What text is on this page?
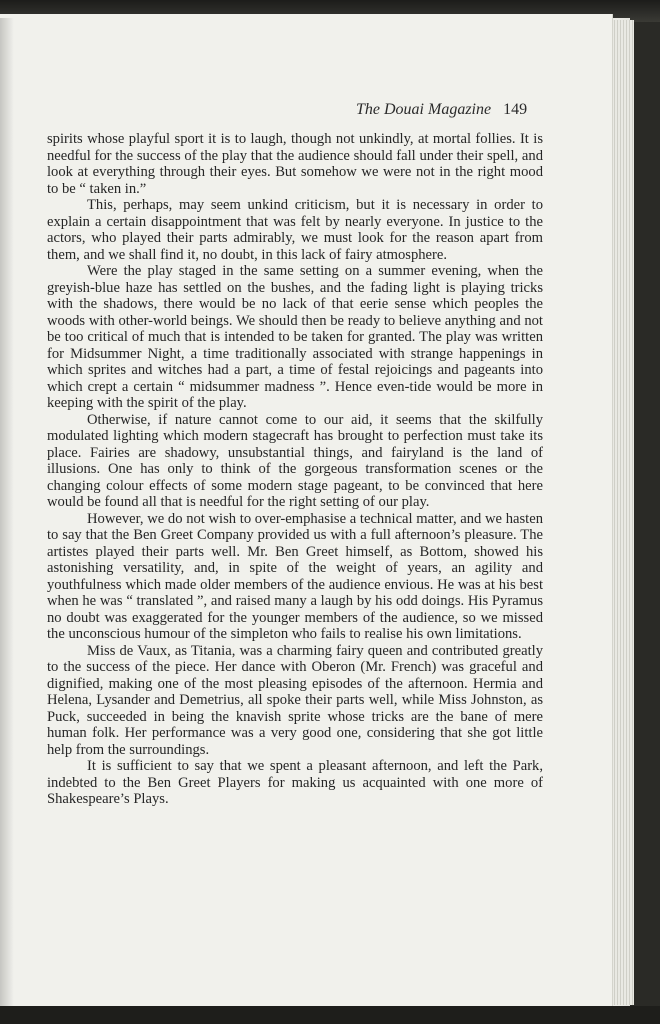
The Douai Magazine 149

spirits whose playful sport it is to laugh, though not unkindly, at mortal follies. It is needful for the success of the play that the audience should fall under their spell, and look at everything through their eyes. But somehow we were not in the right mood to be “ taken in.”

This, perhaps, may seem unkind criticism, but it is necessary in order to explain a certain disappointment that was felt by nearly everyone. In justice to the actors, who played their parts admirably, we must look for the reason apart from them, and we shall find it, no doubt, in this lack of fairy atmosphere.

Were the play staged in the same setting on a summer evening, when the greyish-blue haze has settled on the bushes, and the fading light is playing tricks with the shadows, there would be no lack of that eerie sense which peoples the woods with other-world beings. We should then be ready to believe anything and not be too critical of much that is intended to be taken for granted. The play was written for Midsummer Night, a time traditionally associated with strange happenings in which sprites and witches had a part, a time of festal rejoicings and pageants into which crept a certain “ midsummer madness ”. Hence even-tide would be more in keeping with the spirit of the play.

Otherwise, if nature cannot come to our aid, it seems that the skilfully modulated lighting which modern stagecraft has brought to perfection must take its place. Fairies are shadowy, unsubstantial things, and fairyland is the land of illusions. One has only to think of the gorgeous transformation scenes or the changing colour effects of some modern stage pageant, to be convinced that here would be found all that is needful for the right setting of our play.

However, we do not wish to over-emphasise a technical matter, and we hasten to say that the Ben Greet Company provided us with a full afternoon’s pleasure. The artistes played their parts well. Mr. Ben Greet himself, as Bottom, showed his astonishing versatility, and, in spite of the weight of years, an agility and youthfulness which made older members of the audience envious. He was at his best when he was “ translated ”, and raised many a laugh by his odd doings. His Pyramus no doubt was exaggerated for the younger members of the audience, so we missed the unconscious humour of the simpleton who fails to realise his own limitations.

Miss de Vaux, as Titania, was a charming fairy queen and contributed greatly to the success of the piece. Her dance with Oberon (Mr. French) was graceful and dignified, making one of the most pleasing episodes of the afternoon. Hermia and Helena, Lysander and Demetrius, all spoke their parts well, while Miss Johnston, as Puck, succeeded in being the knavish sprite whose tricks are the bane of mere human folk. Her performance was a very good one, considering that she got little help from the surroundings.

It is sufficient to say that we spent a pleasant afternoon, and left the Park, indebted to the Ben Greet Players for making us acquainted with one more of Shakespeare’s Plays.
